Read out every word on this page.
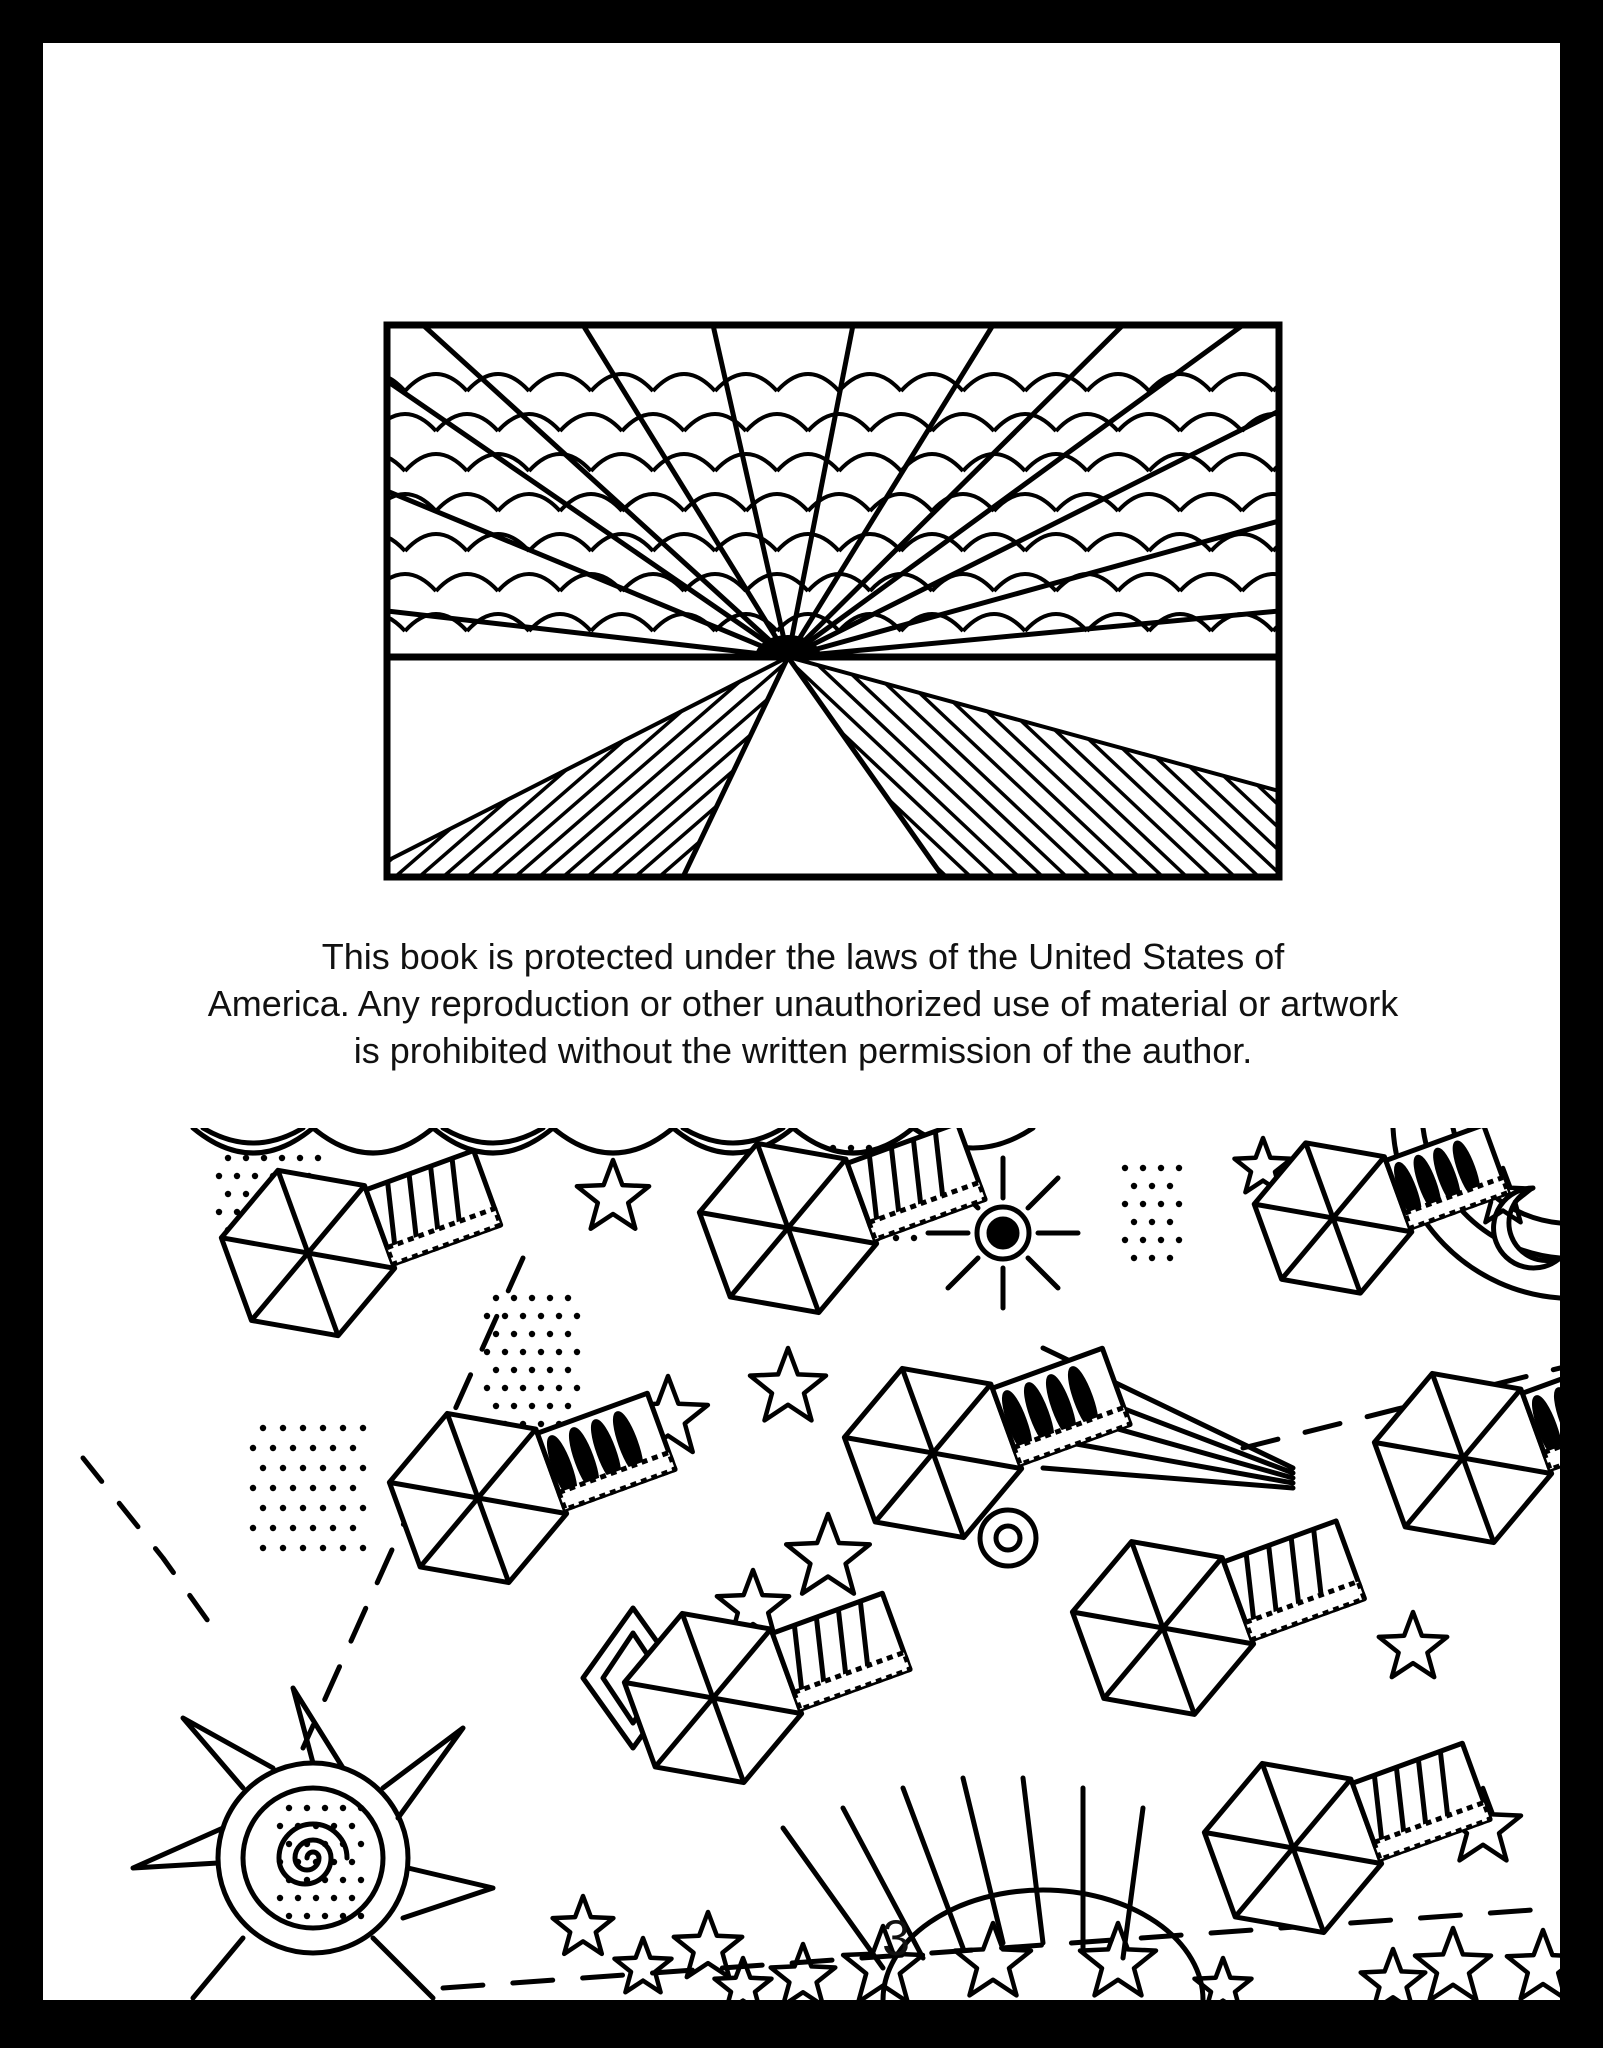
This book is protected under the laws of the United States of
America. Any reproduction or other unauthorized use of material or artwork
is prohibited without the written permission of the author.
3
